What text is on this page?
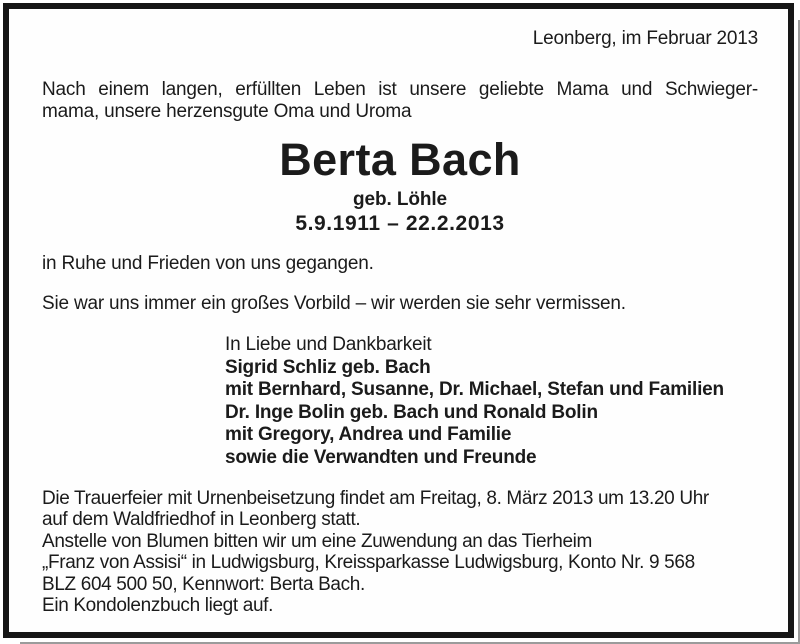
Leonberg, im Februar 2013
Nach einem langen, erfüllten Leben ist unsere geliebte Mama und Schwieger-
mama, unsere herzensgute Oma und Uroma
Berta Bach
geb. Löhle
5.9.1911 – 22.2.2013
in Ruhe und Frieden von uns gegangen.
Sie war uns immer ein großes Vorbild – wir werden sie sehr vermissen.
In Liebe und Dankbarkeit
Sigrid Schliz geb. Bach
mit Bernhard, Susanne, Dr. Michael, Stefan und Familien
Dr. Inge Bolin geb. Bach und Ronald Bolin
mit Gregory, Andrea und Familie
sowie die Verwandten und Freunde
Die Trauerfeier mit Urnenbeisetzung findet am Freitag, 8. März 2013 um 13.20 Uhr
auf dem Waldfriedhof in Leonberg statt.
Anstelle von Blumen bitten wir um eine Zuwendung an das Tierheim
„Franz von Assisi“ in Ludwigsburg, Kreissparkasse Ludwigsburg, Konto Nr. 9 568
BLZ 604 500 50, Kennwort: Berta Bach.
Ein Kondolenzbuch liegt auf.
